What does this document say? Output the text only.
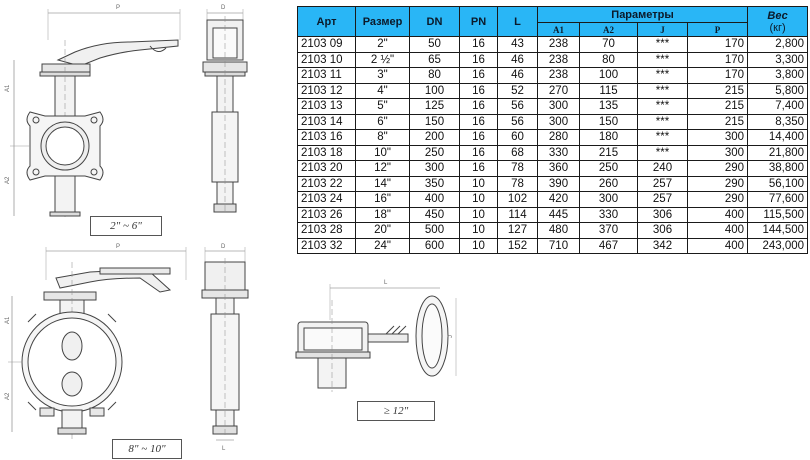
P
A1
A2
D
P
A1
A2
D
L
L
J
2" ~ 6"
8" ~ 10"
≥ 12"
Арт	Размер	DN	PN	L	Параметры				Вес
(кг)

					A1	A2	J	P	
2103 09	2"	50	16	43	238	70	***	170	2,800
2103 10	2 ½"	65	16	46	238	80	***	170	3,300
2103 11	3"	80	16	46	238	100	***	170	3,800
2103 12	4"	100	16	52	270	115	***	215	5,800
2103 13	5"	125	16	56	300	135	***	215	7,400
2103 14	6"	150	16	56	300	150	***	215	8,350
2103 16	8"	200	16	60	280	180	***	300	14,400
2103 18	10"	250	16	68	330	215	***	300	21,800
2103 20	12"	300	16	78	360	250	240	290	38,800
2103 22	14"	350	10	78	390	260	257	290	56,100
2103 24	16"	400	10	102	420	300	257	290	77,600
2103 26	18"	450	10	114	445	330	306	400	115,500
2103 28	20"	500	10	127	480	370	306	400	144,500
2103 32	24"	600	10	152	710	467	342	400	243,000
